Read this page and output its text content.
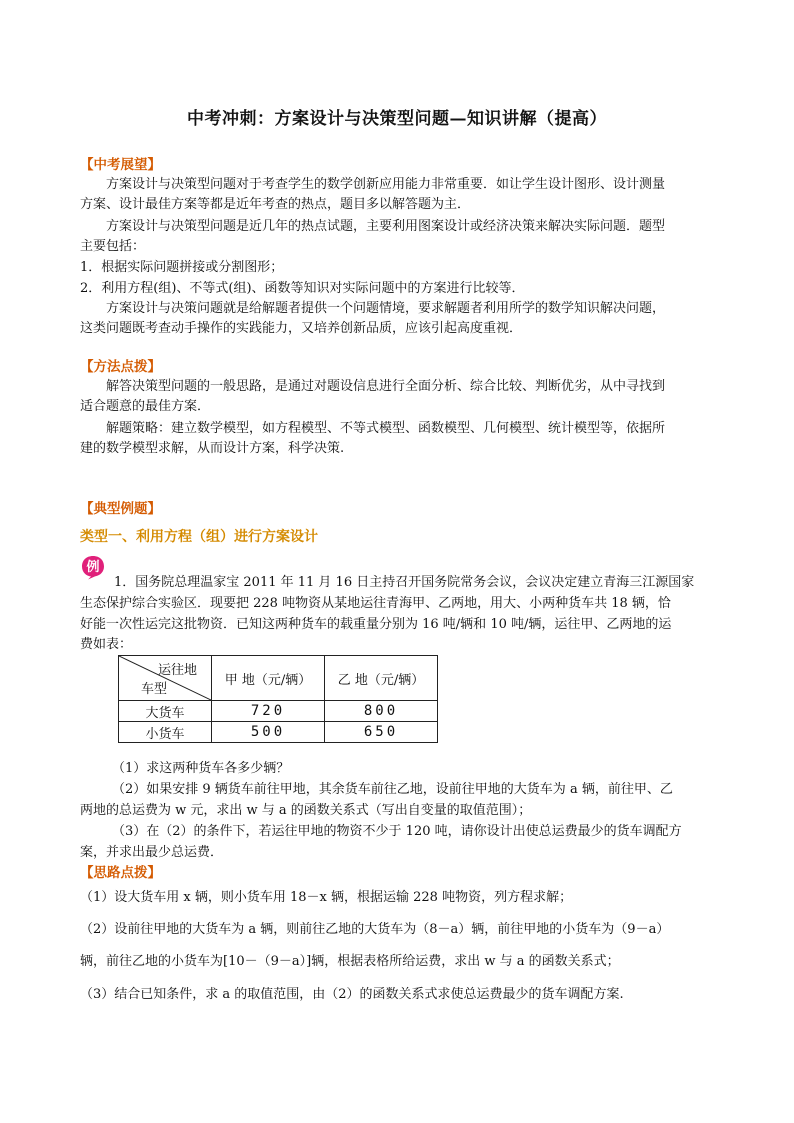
中考冲刺：方案设计与决策型问题—知识讲解（提高）
【中考展望】
方案设计与决策型问题对于考查学生的数学创新应用能力非常重要．如让学生设计图形、设计测量
方案、设计最佳方案等都是近年考查的热点，题目多以解答题为主．
方案设计与决策型问题是近几年的热点试题，主要利用图案设计或经济决策来解决实际问题．题型
主要包括：
1．根据实际问题拼接或分割图形；
2．利用方程(组)、不等式(组)、函数等知识对实际问题中的方案进行比较等．
方案设计与决策问题就是给解题者提供一个问题情境，要求解题者利用所学的数学知识解决问题，
这类问题既考查动手操作的实践能力，又培养创新品质，应该引起高度重视．
【方法点拨】
解答决策型问题的一般思路，是通过对题设信息进行全面分析、综合比较、判断优劣，从中寻找到
适合题意的最佳方案．
解题策略：建立数学模型，如方程模型、不等式模型、函数模型、几何模型、统计模型等，依据所
建的数学模型求解，从而设计方案，科学决策.
【典型例题】
类型一、利用方程（组）进行方案设计
例
1．国务院总理温家宝 2011 年 11 月 16 日主持召开国务院常务会议，会议决定建立青海三江源国家
生态保护综合实验区．现要把 228 吨物资从某地运往青海甲、乙两地，用大、小两种货车共 18 辆，恰
好能一次性运完这批物资．已知这两种货车的载重量分别为 16 吨/辆和 10 吨/辆，运往甲、乙两地的运
费如表：
运往地
车型	甲 地（元/辆）	乙 地（元/辆）
大货车	720	800
小货车	500	650
（1）求这两种货车各多少辆？
（2）如果安排 9 辆货车前往甲地，其余货车前往乙地，设前往甲地的大货车为 a 辆，前往甲、乙
两地的总运费为 w 元，求出 w 与 a 的函数关系式（写出自变量的取值范围）；
（3）在（2）的条件下，若运往甲地的物资不少于 120 吨，请你设计出使总运费最少的货车调配方
案，并求出最少总运费．
【思路点拨】
（1）设大货车用 x 辆，则小货车用 18－x 辆，根据运输 228 吨物资，列方程求解；
（2）设前往甲地的大货车为 a 辆，则前往乙地的大货车为（8－a）辆，前往甲地的小货车为（9－a）
辆，前往乙地的小货车为[10－（9－a）]辆，根据表格所给运费，求出 w 与 a 的函数关系式；
（3）结合已知条件，求 a 的取值范围，由（2）的函数关系式求使总运费最少的货车调配方案.
